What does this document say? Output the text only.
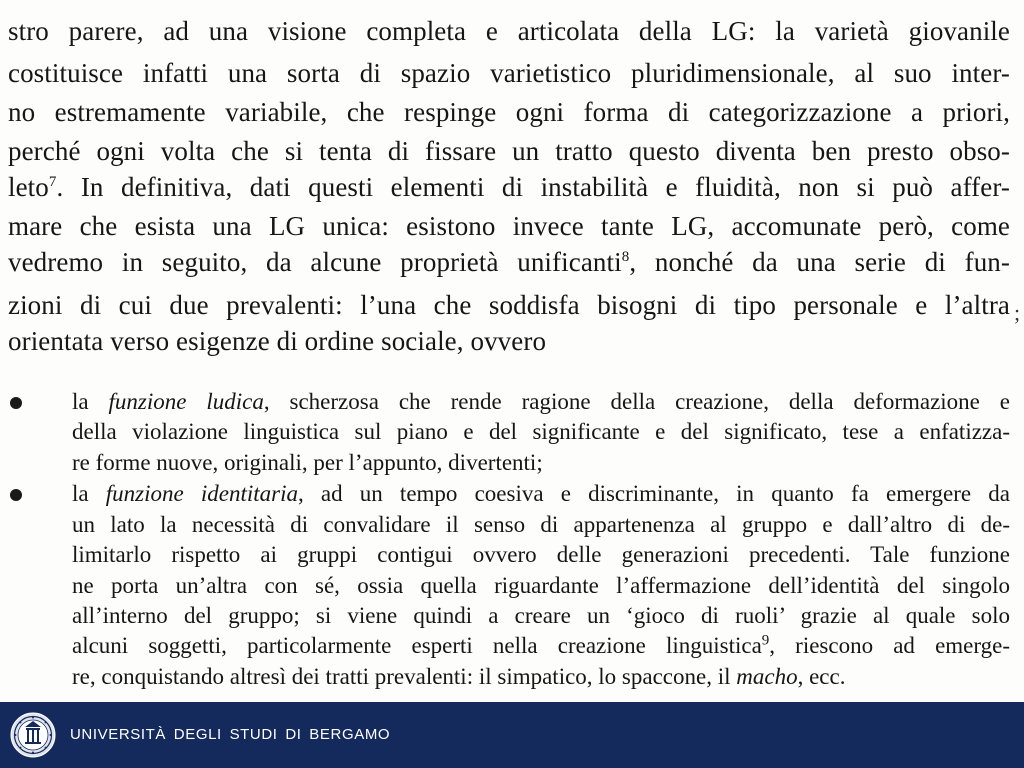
stro parere, ad una visione completa e articolata della LG: la varietà giovanile
costituisce infatti una sorta di spazio varietistico pluridimensionale, al suo inter-
no estremamente variabile, che respinge ogni forma di categorizzazione a priori,
perché ogni volta che si tenta di fissare un tratto questo diventa ben presto obso-
leto$^7$. In definitiva, dati questi elementi di instabilità e fluidità, non si può affer-
mare che esista una LG unica: esistono invece tante LG, accomunate però, come
vedremo in seguito, da alcune proprietà unificanti$^8$, nonché da una serie di fun-
zioni di cui due prevalenti: l’una che soddisfa bisogni di tipo personale e l’altra
orientata verso esigenze di ordine sociale, ovvero
;
la funzione ludica, scherzosa che rende ragione della creazione, della deformazione e
della violazione linguistica sul piano e del significante e del significato, tese a enfatizza-
re forme nuove, originali, per l’appunto, divertenti;
la funzione identitaria, ad un tempo coesiva e discriminante, in quanto fa emergere da
un lato la necessità di convalidare il senso di appartenenza al gruppo e dall’altro di de-
limitarlo rispetto ai gruppi contigui ovvero delle generazioni precedenti. Tale funzione
ne porta un’altra con sé, ossia quella riguardante l’affermazione dell’identità del singolo
all’interno del gruppo; si viene quindi a creare un ‘gioco di ruoli’ grazie al quale solo
alcuni soggetti, particolarmente esperti nella creazione linguistica$^9$, riescono ad emerge-
re, conquistando altresì dei tratti prevalenti: il simpatico, lo spaccone, il macho, ecc.
UNIVERSITÀ DEGLI STUDI DI BERGAMO
